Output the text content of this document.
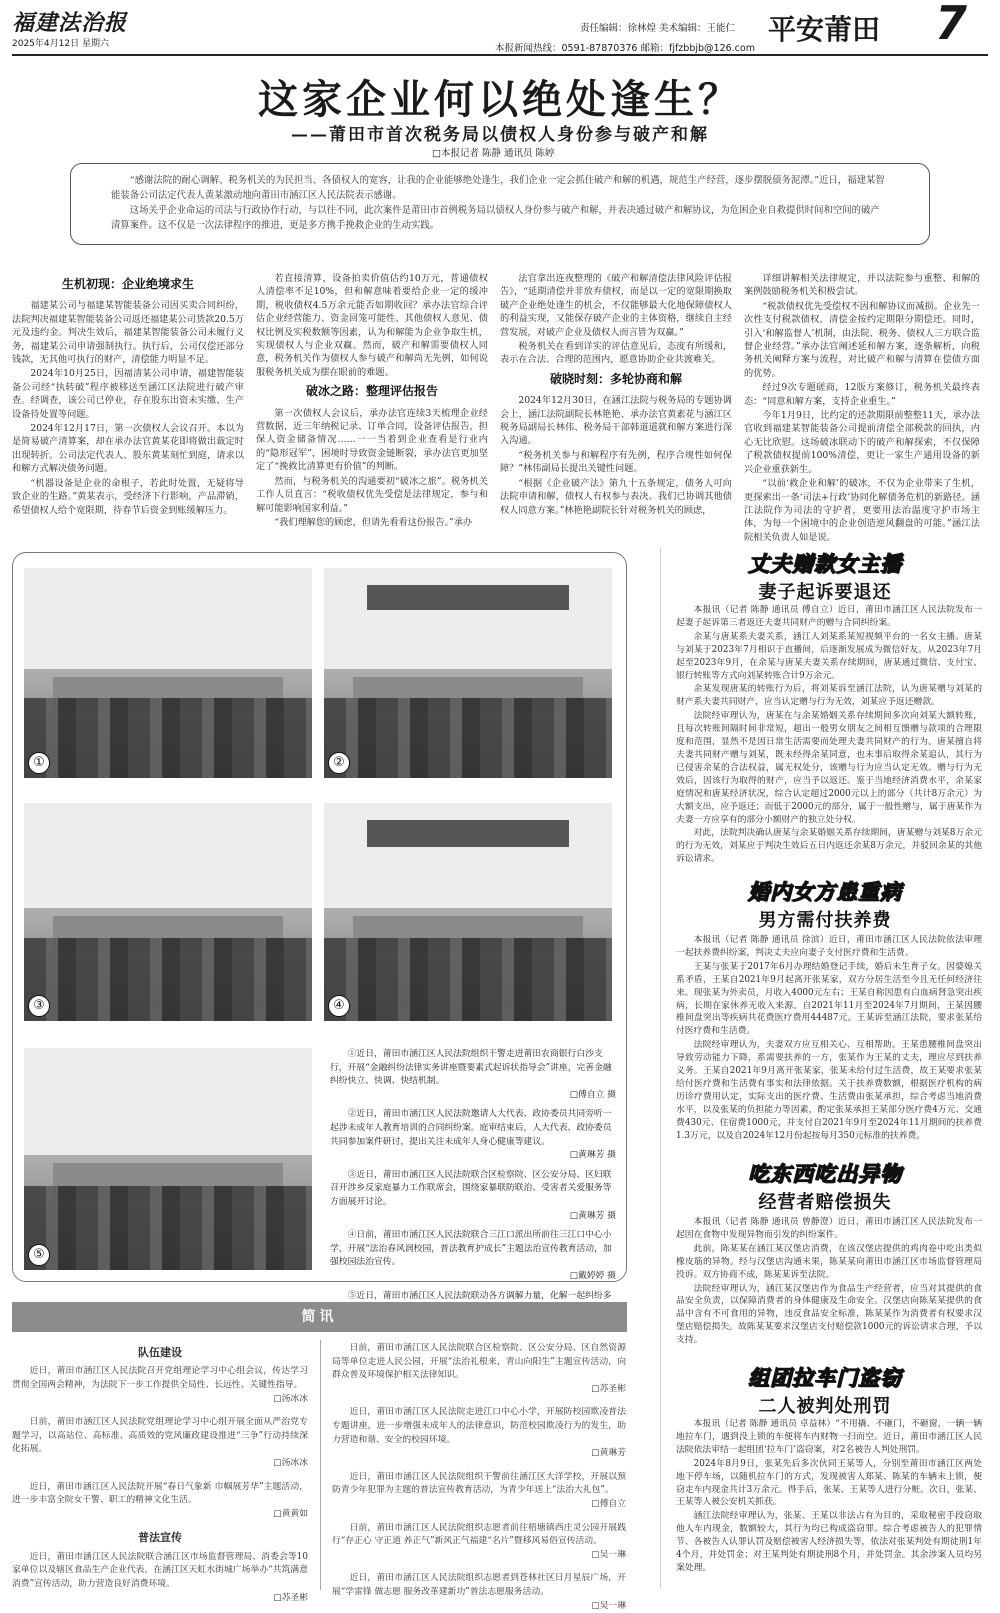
福建法治报
2025年4月12日 星期六
责任编辑：徐林煌 美术编辑：王能仁
本报新闻热线：0591-87870376 邮箱：fjfzbbjb@126.com
平安莆田 7
这家企业何以绝处逢生？
——莆田市首次税务局以债权人身份参与破产和解
□本报记者 陈静 通讯员 陈婷

“感谢法院的耐心调解、税务机关的为民担当、各债权人的宽容，让我的企业能够绝处逢生，我们企业一定会抓住破产和解的机遇，规范生产经营，逐步摆脱债务泥潭。”近日，福建某智能装备公司法定代表人黄某激动地向莆田市涵江区人民法院表示感谢。

这场关乎企业命运的司法与行政协作行动，与以往不同，此次案件是莆田市首例税务局以债权人身份参与破产和解，并表决通过破产和解协议，为危困企业自救提供时间和空间的破产清算案件。这不仅是一次法律程序的推进，更是多方携手挽救企业的生动实践。

生机初现：企业绝境求生

福建某公司与福建某智能装备公司因买卖合同纠纷，法院判决福建某智能装备公司返还福建某公司货款20.5万元及违约金。判决生效后，福建某智能装备公司未履行义务，福建某公司申请强制执行。执行后，公司仅偿还部分钱款，无其他可执行的财产，清偿能力明显不足。

2024年10月25日，因福清某公司申请，福建智能装备公司经“执转破”程序被移送至涵江区法院进行破产审查。经调查，该公司已停业，存在股东出资未实缴、生产设备待处置等问题。

2024年12月17日，第一次债权人会议召开。本以为是简易破产清算案，却在承办法官黄某花即将做出裁定时出现转折。公司法定代表人、股东黄某刻忙到庭，请求以和解方式解决债务问题。

“机器设备是企业的命根子，若此时处置，无疑将导致企业的生路。”黄某表示，受经济下行影响，产品滞销，希望债权人给个宽限期，待春节后资金到账缓解压力。

若直接清算，设备拍卖价值估约10万元，普通债权人清偿率不足10%，但和解意味着要给企业一定的缓冲期，税收债权4.5万余元能否如期收回？承办法官综合评估企业经营能力、资金回笼可能性、其他债权人意见、债权比例及实税数额等因素，认为和解能为企业争取生机，实现债权人与企业双赢。然而，破产和解需要债权人同意，税务机关作为债权人参与破产和解尚无先例，如何说服税务机关成为摆在眼前的难题。

破冰之路：整理评估报告

第一次债权人会议后，承办法官连续3天梳理企业经营数据，近三年纳税记录、订单合同，设备评估报告，担保人资金储备情况……一一当着到企业查看是行业内的“隐形冠军”，困境时导致资金链断裂，承办法官更加坚定了“挽救比清算更有价值”的判断。

然而，与税务机关的沟通要初“破冰之旅”。税务机关工作人员直言：“税收债权优先受偿是法律规定，参与和解可能影响国家利益。”

“我们理解您的顾虑，但请先看看这份报告。”承办

法官拿出连夜整理的《破产和解清偿法律风险评估报告》，“延期清偿并非放弃债权，而是以一定的宽限期换取破产企业绝处逢生的机会，不仅能够最大化地保障债权人的利益实现，又能保存破产企业的主体资格，继续自主经营发展，对破产企业及债权人而言皆为双赢。”

税务机关在看到详实的评估意见后，态度有所缓和，表示在合法、合理的范围内，愿意协助企业共渡难关。

破晓时刻：多轮协商和解

2024年12月30日，在涵江法院与税务局的专题协调会上，涵江法院副院长林艳艳、承办法官黄素花与涵江区税务局副局长林伟、税务局干部韩道道就和解方案进行深入沟通。

“税务机关参与和解程序有先例，程序合规性如何保障？”林伟副局长提出关键性问题。

“根据《企业破产法》第九十五条规定，债务人可向法院申请和解，债权人有权参与表决。我们已协调其他债权人同意方案。”林艳艳副院长针对税务机关的顾虑，

详细讲解相关法律规定，并以法院参与重整、和解的案例鼓励税务机关积极尝试。

“税款债权优先受偿权不因和解协议而减损。企业先一次性支付税款债权，清偿金按约定期限分期偿还。同时，引入‘和解监督人’机制，由法院、税务、债权人三方联合监督企业经营。”承办法官阐述延和解方案，逐条解析，向税务机关阐释方案与流程，对比破产和解与清算在偿债方面的优势。

经过9次专题磋商，12版方案修订，税务机关最终表态：“同意和解方案，支持企业重生。”

今年1月9日，比约定的还款期限前整整11天，承办法官收到福建某智能装备公司提前清偿全部税款的回执，内心无比欣慰。这场破冰联动下的破产和解探索，不仅保障了税款债权提前100%清偿，更让一家生产通用设备的新兴企业重获新生。

“以前‘救企业和解’的破冰，不仅为企业带来了生机，更探索出一条‘司法+行政’协同化解债务危机的新路径。涵江法院作为司法的守护者，更要用法治温度守护市场主体，为每一个困境中的企业创造逆风翻盘的可能。”涵江法院相关负责人如是说。

①	②
③	④
⑤
①近日，莆田市涵江区人民法院组织干警走进莆田农商银行白沙支行，开展“金融纠纷法律实务讲座暨要素式起诉状指导会”讲座，完善金融纠纷快立、快调、快结机制。
□傅自立 摄
②近日，莆田市涵江区人民法院邀请人大代表、政协委员共同旁听一起涉未成年人教育培训的合同纠纷案。庭审结束后，人大代表、政协委员共同参加案件研讨，提出关注未成年人身心健康等建议。
□黄琳芳 摄
③近日，莆田市涵江区人民法院联合区检察院、区公安分局、区妇联召开涉乡反家庭暴力工作联席会，围绕家暴联防联治、受害者关爱服务等方面展开讨论。
□黄琳芳 摄
④日前，莆田市涵江区人民法院联合三江口派出所前往三江口中心小学，开展“法治春风润校园，普法教育护成长”主题法治宣传教育活动，加强校园法治宣传。
□戴婷婷 摄
⑤近日，莆田市涵江区人民法院联动各方调解力量，化解一起纠纷多
丈夫赠款女主播
妻子起诉要退还

本报讯（记者 陈静 通讯员 傅自立）近日，莆田市涵江区人民法院发布一起妻子起诉第三者返还夫妻共同财产的赠与合同纠纷案。

余某与唐某系夫妻关系，涵江人刘某系某短视频平台的一名女主播。唐某与刘某于2023年7月相识于直播间，后逐渐发展成为微信好友。从2023年7月起至2023年9月，在余某与唐某夫妻关系存续期间，唐某通过微信、支付宝、银行转账等方式向刘某转账合计9万余元。

余某发现唐某的转账行为后，将刘某诉至涵江法院，认为唐某赠与刘某的财产系夫妻共同财产，应当认定赠与行为无效，刘某应予返还赠款。

法院经审理认为，唐某在与余某婚姻关系存续期间多次向刘某大额转账，且每次转账间隔时间非常短，超出一般男女朋友之间相互馈赠与款项的合理限度和范围，显然不是因日常生活需要而处理夫妻共同财产的行为。唐某擅自将夫妻共同财产赠与刘某，既未经得余某同意，也未事后取得余某追认，其行为已侵害余某的合法权益，属无权处分，该赠与行为应当认定无效。赠与行为无效后，因该行为取得的财产，应当予以返还。鉴于当地经济消费水平，余某家庭情况和唐某经济状况，综合认定超过2000元以上的部分（共计8万余元）为大额支出，应予返还；而低于2000元的部分，属于一般性赠与，属于唐某作为夫妻一方应享有的部分小额财产的独立处分权。

对此，法院判决确认唐某与余某婚姻关系存续期间，唐某赠与刘某8万余元的行为无效，刘某应于判决生效后五日内返还余某8万余元，并驳回余某的其他诉讼请求。

婚内女方患重病
男方需付扶养费

本报讯（记者 陈静 通讯员 徐滨）近日，莆田市涵江区人民法院依法审理一起扶养费纠纷案，判决丈夫应向妻子支付医疗费和生活费。

王某与张某于2017年6月办理结婚登记手续，婚后未生育子女。因婆媳关系矛盾，王某自2021年9月起离开张某家，双方分居生活至今且无任何经济往来。现张某为外卖员，月收入4000元左右；王某自称因患有白血病肾急突出疾病，长期在家休养无收入来源。自2021年11月至2024年7月期间，王某因腰椎间盘突出等疾病共花费医疗费用44487元。王某诉至涵江法院，要求张某给付医疗费和生活费。

法院经审理认为，夫妻双方应互相关心、互相帮助。王某患腰椎间盘突出导致劳动能力下降，系需要扶养的一方，张某作为王某的丈夫，理应尽到扶养义务。王某自2021年9月离开张某家，张某未给付过生活费，故王某要求张某给付医疗费和生活费有事实和法律依据。关于扶养费数额，根据医疗机构的病历诊疗费用认定，实际支出的医疗费、生活费由张某承担，综合考虑当地消费水平，以及张某的负担能力等因素，酌定张某承担王某部分医疗费4万元、交通费430元、住宿费1000元，并支付自2021年9月至2024年11月期间的扶养费1.3万元，以及自2024年12月份起按每月350元标准的扶养费。

吃东西吃出异物
经营者赔偿损失

本报讯（记者 陈静 通讯员 曾静澄）近日，莆田市涵江区人民法院发布一起因在食物中发现异物而引发的纠纷案件。

此前，陈某某在涵江某汉堡店消费，在该汉堡店提供的鸡肉卷中吃出类似橡皮筋的异物。经与汉堡店沟通未果，陈某某向莆田市涵江区市场监督管理局投诉。双方协商不成，陈某某诉至法院。

法院经审理认为，涵江某汉堡店作为食品生产经营者，应当对其提供的食品安全负责，以保障消费者的身体健康及生命安全。汉堡店向陈某某提供的食品中含有不可食用的异物，违反食品安全标准，陈某某作为消费者有权要求汉堡店赔偿损失。故陈某某要求汉堡店支付赔偿款1000元的诉讼请求合理，予以支持。

组团拉车门盗窃
二人被判处刑罚

本报讯（记者 陈静 通讯员 卓益林）“不用撬、不砸门，不砸窗，一辆一辆地拉车门，遇到没上锁的车便将车内财物一扫而空。近日，莆田市涵江区人民法院依法审结一起组团‘拉车门’盗窃案，对2名被告人判处刑罚。

2024年8月9日，张某先后多次伙同王某等人，分别至莆田市涵江区两处地下停车场，以随机拉车门的方式，发现被害人郑某、陈某的车辆未上锁，便窃走车内现金共计3万余元。得手后，张某、王某等人进行分赃。次日，张某、王某等人被公安机关抓获。

涵江法院经审理认为，张某、王某以非法占有为目的，采取秘密手段窃取他人车内现金，数额较大，其行为均已构成盗窃罪。综合考虑被告人的犯罪情节、各被告人认罪认罚及赔偿被害人经济损失等，依法对张某判处有期徒刑1年4个月，并处罚金；对王某判处有期徒刑8个月，并处罚金。其余涉案人员均另案处理。

简讯
队伍建设
近日，莆田市涵江区人民法院召开党组理论学习中心组会议，传达学习贯彻全国两会精神，为法院下一步工作提供全局性、长远性、关键性指导。
□ 汤冰冰
日前，莆田市涵江区人民法院党组理论学习中心组开展全面从严治党专题学习，以高站位、高标准、高质效的党风廉政建设推进“三争”行动持续深化拓展。
□ 汤冰冰
近日，莆田市涵江区人民法院开展“春日气象新 巾帼展芳华”主题活动，进一步丰富全院女干警、职工的精神文化生活。
□ 黄黄如
普法宣传
近日，莆田市涵江区人民法院联合涵江区市场监督管理局、消委会等10家单位以及辖区食品生产企业代表，在涵江区天虹水街城广场举办“共筑满意消费”宣传活动，助力营造良好消费环境。
□ 苏圣彬
日前，莆田市涵江区人民法院联合区检察院、区公安分局、区自然资源局等单位走进人民公园，开展“法治礼根来，青山向阳生”主题宣传活动，向群众普及环境保护相关法律知识。
□ 苏圣彬
近日，莆田市涵江区人民法院走进江口中心小学，开展防校园欺凌普法专题讲座，进一步增强未成年人的法律意识，防范校园欺凌行为的发生，助力营造和谐、安全的校园环境。
□ 黄琳芳
近日，莆田市涵江区人民法院组织干警前往涵江区大洋学校，开展以预防青少年犯罪为主题的普法宣传教育活动，为青少年送上“法治大礼包”。
□ 傅自立
日前，莆田市涵江区人民法院组织志愿者前往梧塘镇西庄灵公园开展践行“存正心 守正道 养正气”新风正气福建“名片”暨移风易俗宣传活动。
□ 吴一琳
近日，莆田市涵江区人民法院组织志愿者到苍林社区日月星辰广场，开展“学雷锋 做志愿 服务改革建新功”普法志愿服务活动。
□ 吴一琳
